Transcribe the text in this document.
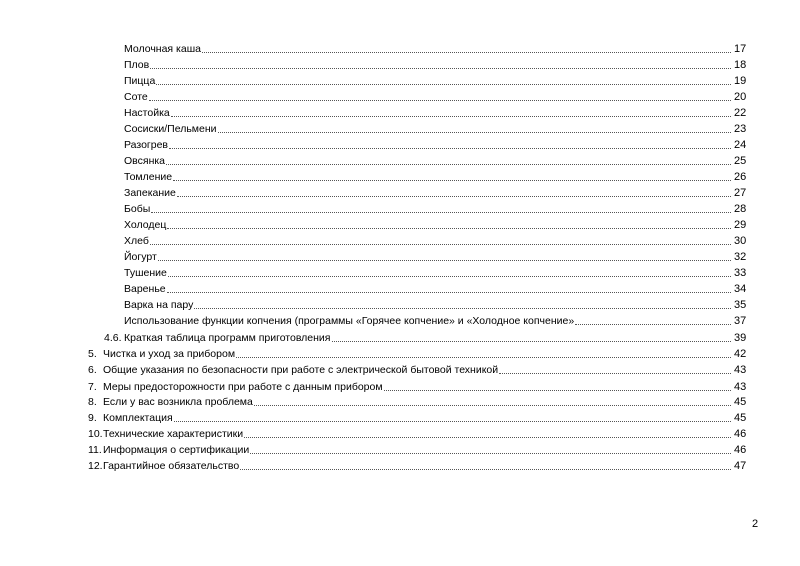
Молочная каша	17
Плов	18
Пицца	19
Соте	20
Настойка	22
Сосиски/Пельмени	23
Разогрев	24
Овсянка	25
Томление	26
Запекание	27
Бобы	28
Холодец	29
Хлеб	30
Йогурт	32
Тушение	33
Варенье	34
Варка на пару	35
Использование функции копчения (программы «Горячее копчение» и «Холодное копчение»	37
4.6. Краткая таблица программ приготовления	39
5. Чистка и уход за прибором	42
6. Общие указания по безопасности при работе с электрической бытовой техникой	43
7. Меры предосторожности при работе с данным прибором	43
8. Если у вас возникла проблема	45
9. Комплектация	45
10. Технические характеристики	46
11. Информация о сертификации	46
12. Гарантийное обязательство	47
2
